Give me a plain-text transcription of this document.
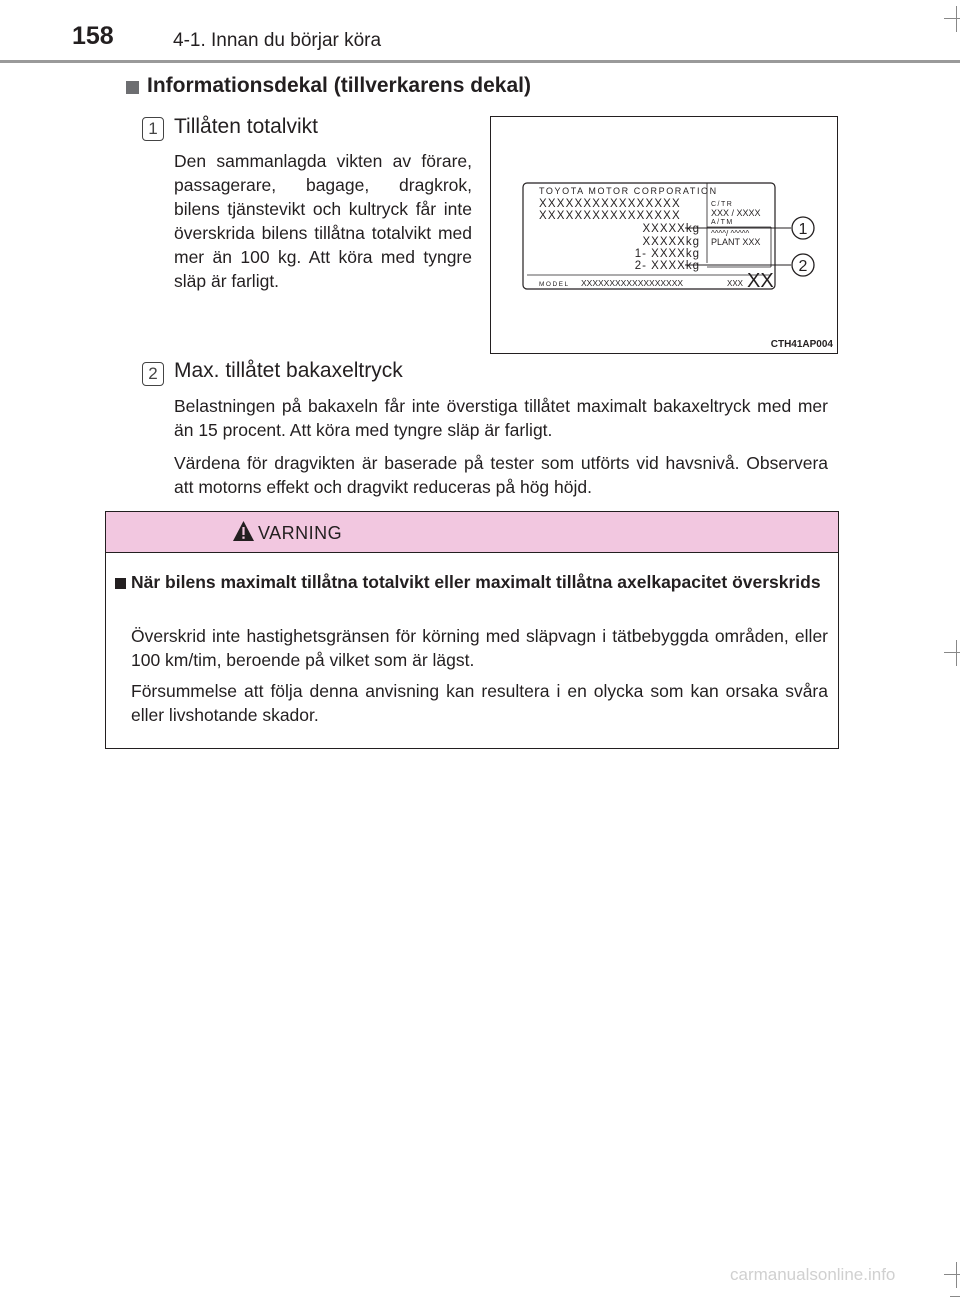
158	4-1. Innan du börjar köra
Informationsdekal (tillverkarens dekal)
1 Tillåten totalvikt
Den sammanlagda vikten av förare, passagerare, bagage, dragkrok, bilens tjänstevikt och kultryck får inte överskrida bilens tillåtna totalvikt med mer än 100 kg. Att köra med tyngre släp är farligt.
TOYOTA MOTOR CORPORATION
XXXXXXXXXXXXXXXX
XXXXXXXXXXXXXXXX
XXXXXkg
XXXXXkg
1- XXXXkg
2- XXXXkg
C/TR
XXX / XXXX
A/TM
^^^^/ ^^^^^
PLANT XXX
MODEL XXXXXXXXXXXXXXXXXX	XXX XX
1
2
CTH41AP004
2 Max. tillåtet bakaxeltryck
Belastningen på bakaxeln får inte överstiga tillåtet maximalt bakaxeltryck med mer än 15 procent. Att köra med tyngre släp är farligt.
Värdena för dragvikten är baserade på tester som utförts vid havsnivå. Observera att motorns effekt och dragvikt reduceras på hög höjd.
VARNING
När bilens maximalt tillåtna totalvikt eller maximalt tillåtna axelkapacitet överskrids
Överskrid inte hastighetsgränsen för körning med släpvagn i tätbebyggda områden, eller 100 km/tim, beroende på vilket som är lägst.
Försummelse att följa denna anvisning kan resultera i en olycka som kan orsaka svåra eller livshotande skador.
carmanualsonline.info
